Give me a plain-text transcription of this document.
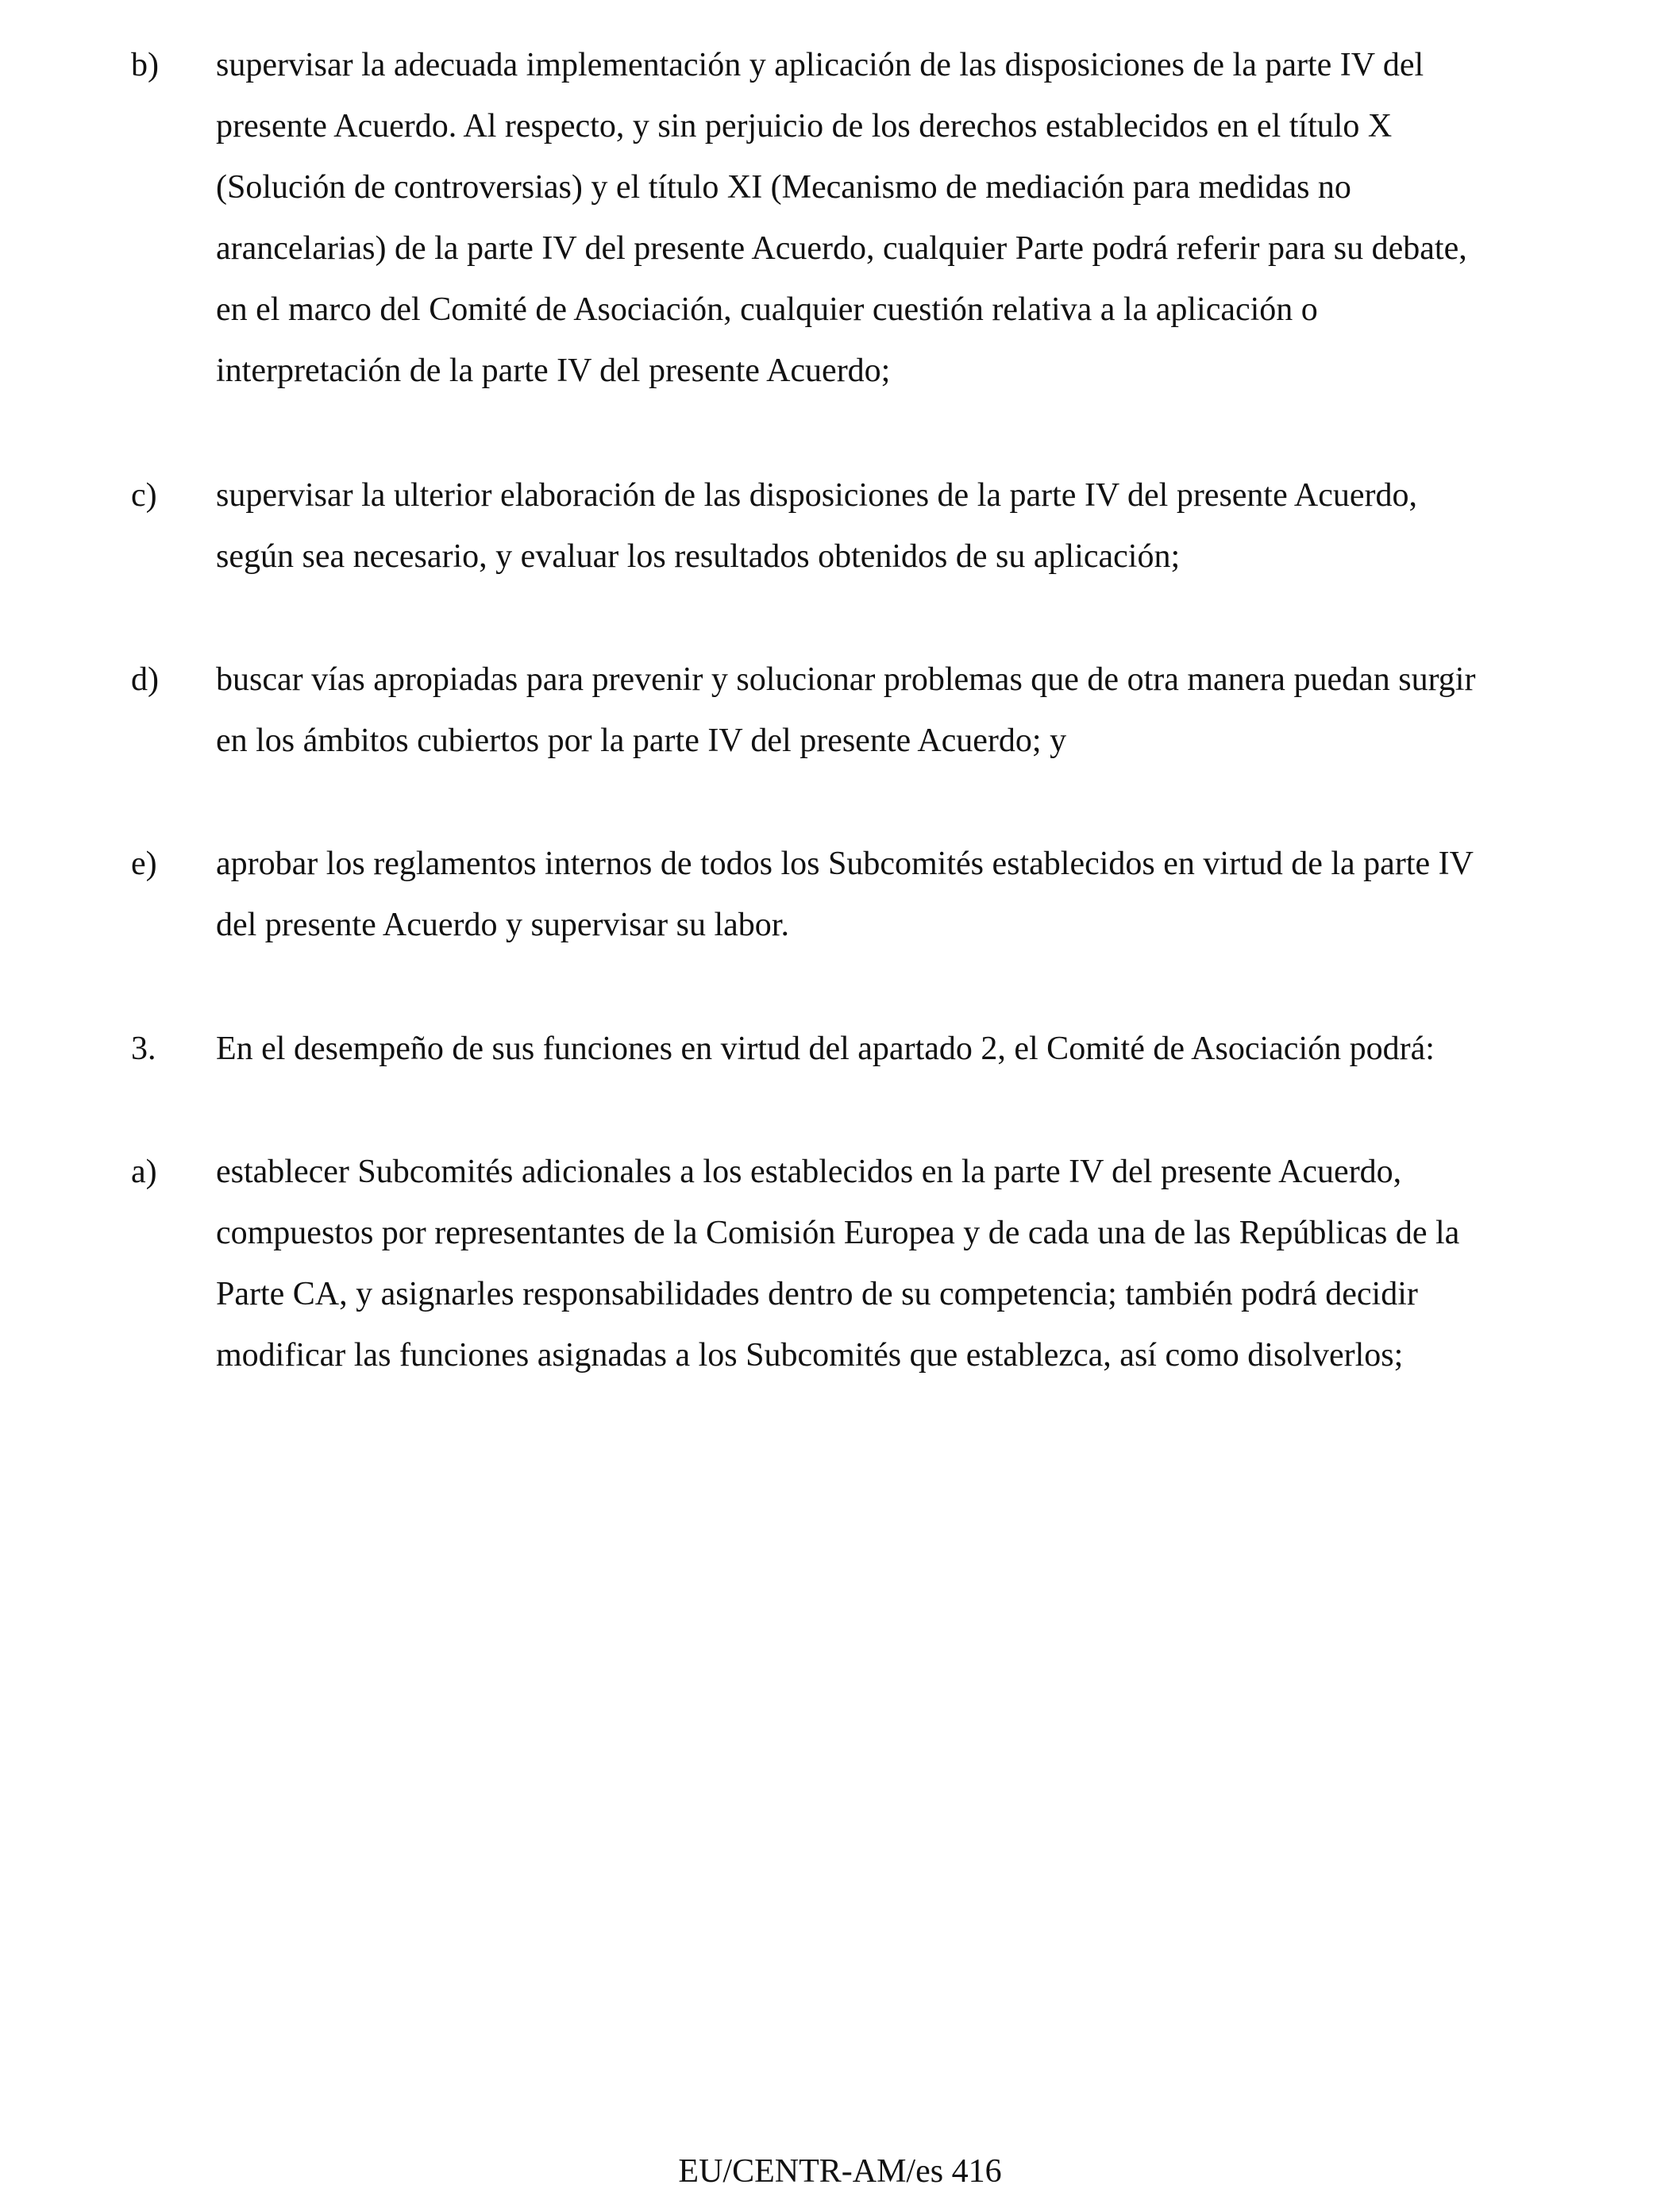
b)	supervisar la adecuada implementación y aplicación de las disposiciones de la parte IV del
presente Acuerdo. Al respecto, y sin perjuicio de los derechos establecidos en el título X
(Solución de controversias) y el título XI (Mecanismo de mediación para medidas no
arancelarias) de la parte IV del presente Acuerdo, cualquier Parte podrá referir para su debate,
en el marco del Comité de Asociación, cualquier cuestión relativa a la aplicación o
interpretación de la parte IV del presente Acuerdo;
c)	supervisar la ulterior elaboración de las disposiciones de la parte IV del presente Acuerdo,
según sea necesario, y evaluar los resultados obtenidos de su aplicación;
d)	buscar vías apropiadas para prevenir y solucionar problemas que de otra manera puedan surgir
en los ámbitos cubiertos por la parte IV del presente Acuerdo; y
e)	aprobar los reglamentos internos de todos los Subcomités establecidos en virtud de la parte IV
del presente Acuerdo y supervisar su labor.
3.	En el desempeño de sus funciones en virtud del apartado 2, el Comité de Asociación podrá:
a)	establecer Subcomités adicionales a los establecidos en la parte IV del presente Acuerdo,
compuestos por representantes de la Comisión Europea y de cada una de las Repúblicas de la
Parte CA, y asignarles responsabilidades dentro de su competencia; también podrá decidir
modificar las funciones asignadas a los Subcomités que establezca, así como disolverlos;
EU/CENTR-AM/es 416
